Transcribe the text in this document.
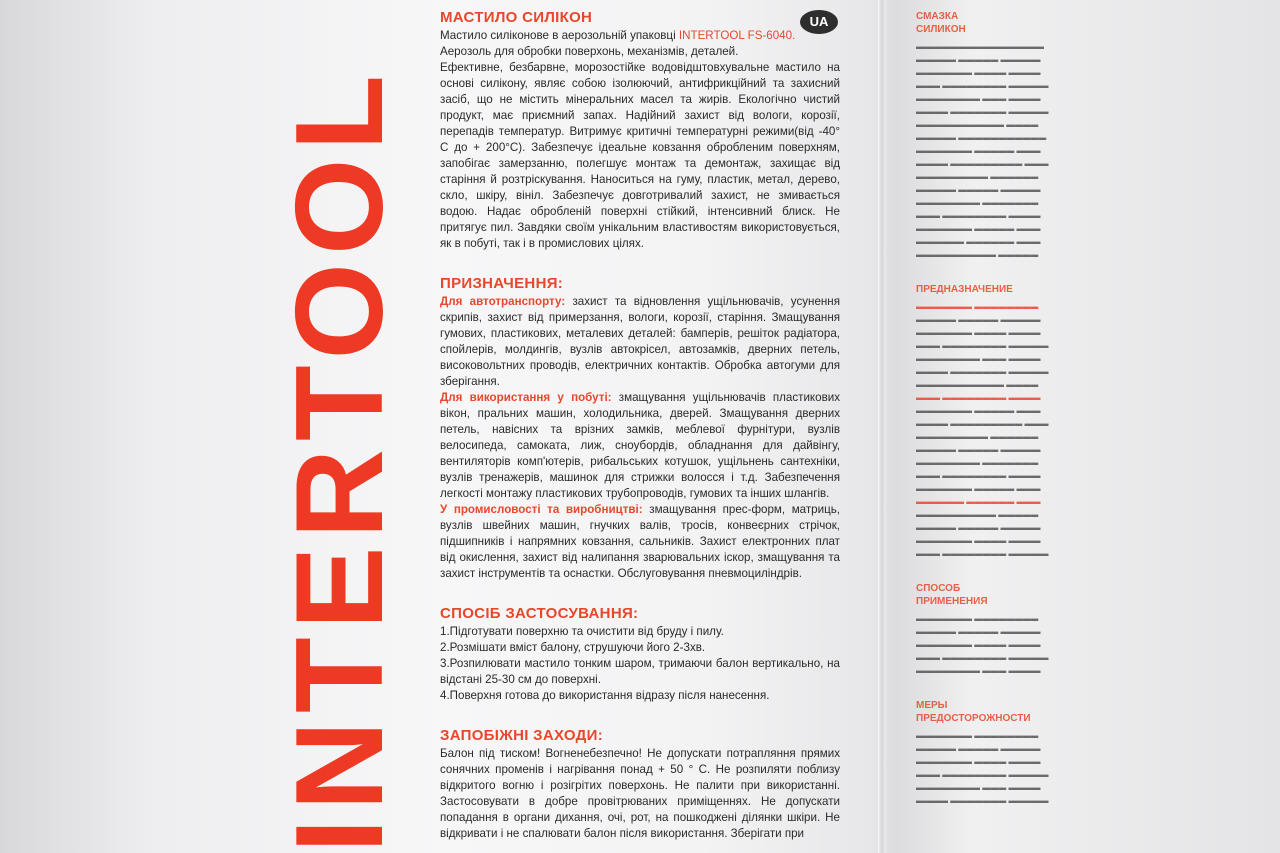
INTERTOOL
UA
МАСТИЛО СИЛІКОН

Мастило силіконове в аерозольній упаковці INTERTOOL FS-6040.

Аерозоль для обробки поверхонь, механізмів, деталей.

Ефективне, безбарвне, морозостійке водовідштовхувальне мастило на основі силікону, являє собою ізолюючий, антифрикційний та захисний засіб, що не містить мінеральних масел та жирів. Екологічно чистий продукт, має приємний запах. Надійний захист від вологи, корозії, перепадів температур. Витримує критичні температурні режими(від -40° С до + 200°С). Забезпечує ідеальне ковзання обробленим поверхням, запобігає замерзанню, полегшує монтаж та демонтаж, захищає від старіння й розтріскування. Наноситься на гуму, пластик, метал, дерево, скло, шкіру, вініл. Забезпечує довготривалий захист, не змивається водою. Надає обробленій поверхні стійкий, інтенсивний блиск. Не притягує пил. Завдяки своїм унікальним властивостям використовується, як в побуті, так і в промислових цілях.

ПРИЗНАЧЕННЯ:

Для автотранспорту: захист та відновлення ущільнювачів, усунення скрипів, захист від примерзання, вологи, корозії, старіння. Змащування гумових, пластикових, металевих деталей: бамперів, решіток радіатора, спойлерів, молдингів, вузлів автокрісел, автозамків, дверних петель, високовольтних проводів, електричних контактів. Обробка автогуми для зберігання.

Для використання у побуті: змащування ущільнювачів пластикових вікон, пральних машин, холодильника, дверей. Змащування дверних петель, навісних та врізних замків, меблевої фурнітури, вузлів велосипеда, самоката, лиж, сноубордів, обладнання для дайвінгу, вентиляторів комп'ютерів, рибальських котушок, ущільнень сантехніки, вузлів тренажерів, машинок для стрижки волосся і т.д. Забезпечення легкості монтажу пластикових трубопроводів, гумових та інших шлангів.

У промисловості та виробництві: змащування прес-форм, матриць, вузлів швейних машин, гнучких валів, тросів, конвеєрних стрічок, підшипників і напрямних ковзання, сальників. Захист електронних плат від окислення, захист від налипання зварювальних іскор, змащування та захист інструментів та оснастки. Обслуговування пневмоциліндрів.

СПОСІБ ЗАСТОСУВАННЯ:

1.Підготувати поверхню та очистити від бруду і пилу.

2.Розмішати вміст балону, струшуючи його 2-3хв.

3.Розпилювати мастило тонким шаром, тримаючи балон вертикально, на відстані 25-30 см до поверхні.

4.Поверхня готова до використання відразу після нанесення.

ЗАПОБІЖНІ ЗАХОДИ:

Балон під тиском! Вогненебезпечно! Не допускати потрапляння прямих сонячних променів і нагрівання понад + 50 ° С. Не розпиляти поблизу відкритого вогню і розігрітих поверхонь. Не палити при використанні. Застосовувати в добре провітрюваних приміщеннях. Не допускати попадання в органи дихання, очі, рот, на пошкоджені ділянки шкіри. Не відкривати і не спалювати балон після використання. Зберігати при

СМАЗКА СИЛИКОН
▬▬▬▬▬▬▬▬▬▬▬▬▬▬▬▬
▬▬▬▬▬ ▬▬▬▬▬ ▬▬▬▬▬
▬▬▬▬▬▬▬ ▬▬▬▬ ▬▬▬▬
▬▬▬ ▬▬▬▬▬▬▬▬ ▬▬▬▬▬
▬▬▬▬▬▬▬▬ ▬▬▬ ▬▬▬▬
▬▬▬▬ ▬▬▬▬▬▬▬ ▬▬▬▬▬
▬▬▬▬▬▬▬▬▬▬▬ ▬▬▬▬
▬▬▬▬▬ ▬▬▬▬▬▬▬▬▬▬▬
▬▬▬▬▬▬▬ ▬▬▬▬▬ ▬▬▬
▬▬▬▬ ▬▬▬▬▬▬▬▬▬ ▬▬▬
▬▬▬▬▬▬▬▬▬ ▬▬▬▬▬▬
▬▬▬▬▬ ▬▬▬▬▬ ▬▬▬▬▬
▬▬▬▬▬▬▬▬ ▬▬▬▬▬▬▬
▬▬▬ ▬▬▬▬▬▬▬▬ ▬▬▬▬
▬▬▬▬▬▬▬ ▬▬▬▬▬ ▬▬▬
▬▬▬▬▬▬ ▬▬▬▬▬▬ ▬▬▬
▬▬▬▬▬▬▬▬▬▬ ▬▬▬▬▬
ПРЕДНАЗНАЧЕНИЕ
▬▬▬▬▬▬▬ ▬▬▬▬▬▬▬▬
▬▬▬▬▬ ▬▬▬▬▬ ▬▬▬▬▬
▬▬▬▬▬▬▬ ▬▬▬▬ ▬▬▬▬
▬▬▬ ▬▬▬▬▬▬▬▬ ▬▬▬▬▬
▬▬▬▬▬▬▬▬ ▬▬▬ ▬▬▬▬
▬▬▬▬ ▬▬▬▬▬▬▬ ▬▬▬▬▬
▬▬▬▬▬▬▬▬▬▬▬ ▬▬▬▬
▬▬▬ ▬▬▬▬▬▬▬▬ ▬▬▬▬
▬▬▬▬▬▬▬ ▬▬▬▬▬ ▬▬▬
▬▬▬▬ ▬▬▬▬▬▬▬▬▬ ▬▬▬
▬▬▬▬▬▬▬▬▬ ▬▬▬▬▬▬
▬▬▬▬▬ ▬▬▬▬▬ ▬▬▬▬▬
▬▬▬▬▬▬▬▬ ▬▬▬▬▬▬▬
▬▬▬ ▬▬▬▬▬▬▬▬ ▬▬▬▬
▬▬▬▬▬▬▬ ▬▬▬▬▬ ▬▬▬
▬▬▬▬▬▬ ▬▬▬▬▬▬ ▬▬▬
▬▬▬▬▬▬▬▬▬▬ ▬▬▬▬▬
▬▬▬▬▬ ▬▬▬▬▬ ▬▬▬▬▬
▬▬▬▬▬▬▬ ▬▬▬▬ ▬▬▬▬
▬▬▬ ▬▬▬▬▬▬▬▬ ▬▬▬▬▬
СПОСОБ ПРИМЕНЕНИЯ
▬▬▬▬▬▬▬ ▬▬▬▬▬▬▬▬
▬▬▬▬▬ ▬▬▬▬▬ ▬▬▬▬▬
▬▬▬▬▬▬▬ ▬▬▬▬ ▬▬▬▬
▬▬▬ ▬▬▬▬▬▬▬▬ ▬▬▬▬▬
▬▬▬▬▬▬▬▬ ▬▬▬ ▬▬▬▬
МЕРЫ ПРЕДОСТОРОЖНОСТИ
▬▬▬▬▬▬▬ ▬▬▬▬▬▬▬▬
▬▬▬▬▬ ▬▬▬▬▬ ▬▬▬▬▬
▬▬▬▬▬▬▬ ▬▬▬▬ ▬▬▬▬
▬▬▬ ▬▬▬▬▬▬▬▬ ▬▬▬▬▬
▬▬▬▬▬▬▬▬ ▬▬▬ ▬▬▬▬
▬▬▬▬ ▬▬▬▬▬▬▬ ▬▬▬▬▬
